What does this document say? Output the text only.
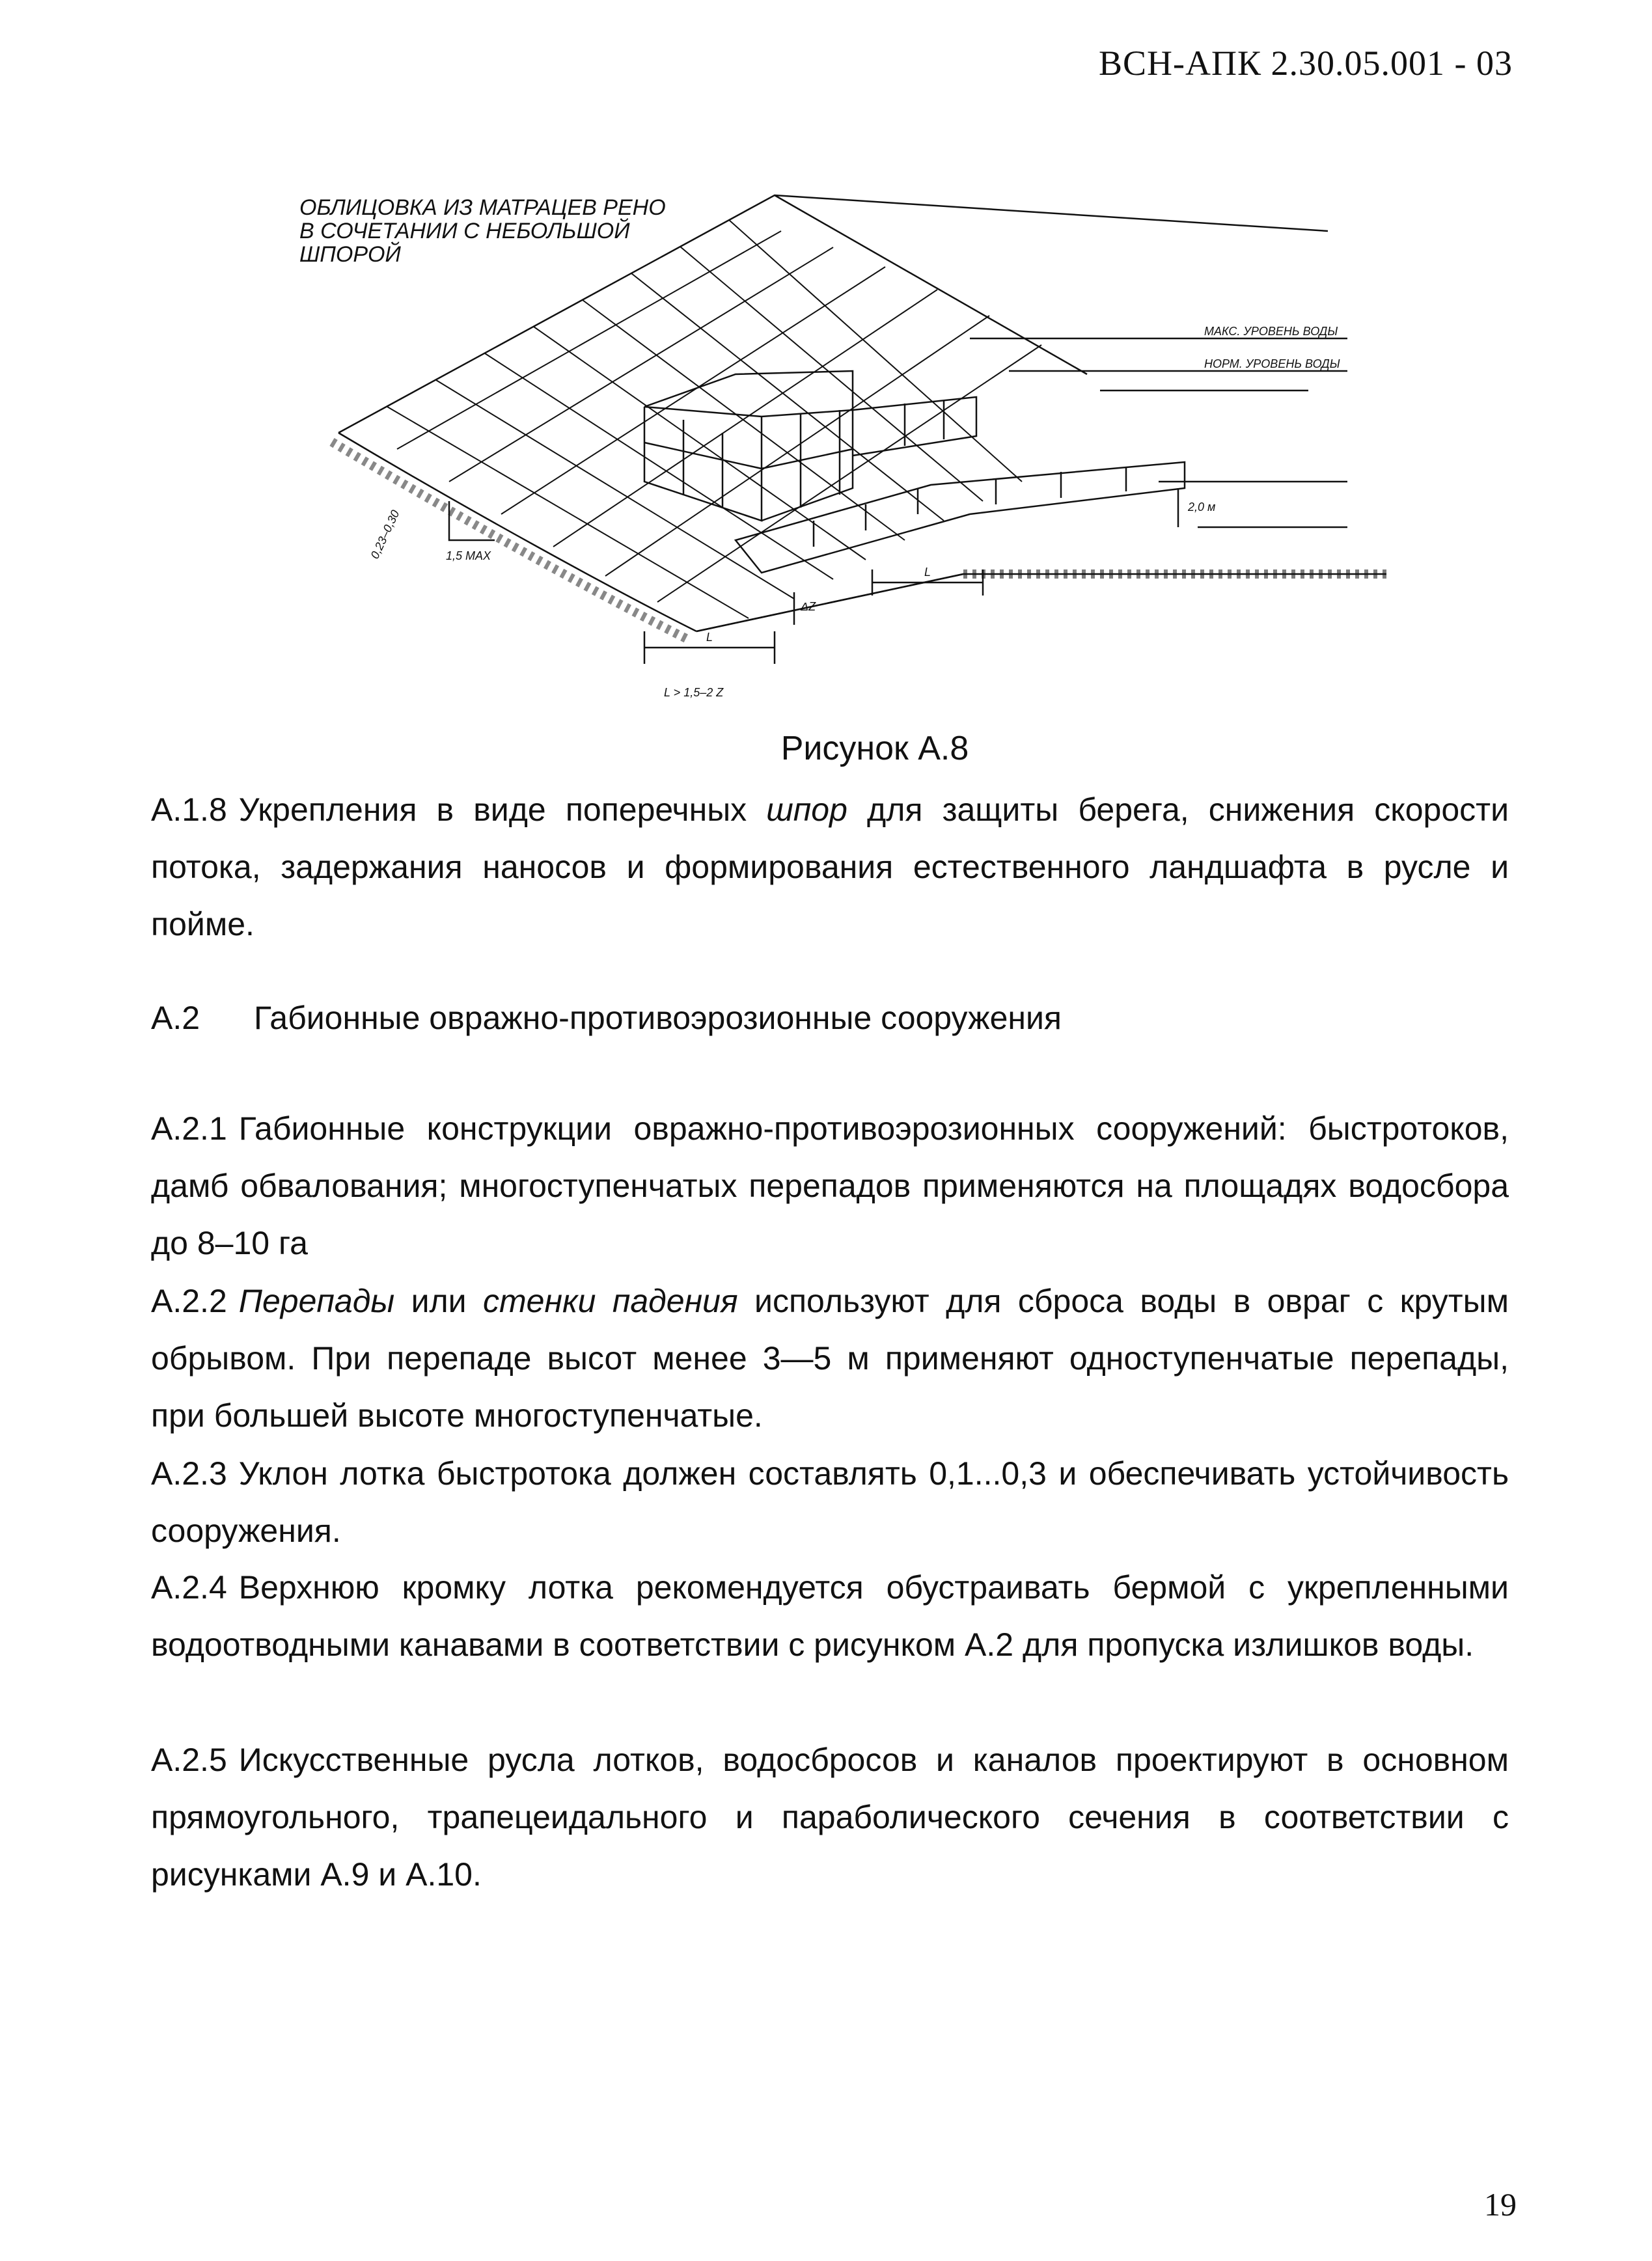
ВСН-АПК 2.30.05.001 - 03
ОБЛИЦОВКА ИЗ МАТРАЦЕВ РЕНО
В СОЧЕТАНИИ С НЕБОЛЬШОЙ
ШПОРОЙ
МАКС. УРОВЕНЬ ВОДЫ
НОРМ. УРОВЕНЬ ВОДЫ
0,23–0,30	1,5 MAX
L > 1,5–2 Z
L
L
ΔZ
2,0 м
Рисунок А.8
А.1.8 Укрепления в виде поперечных шпор для защиты берега, снижения скорости потока, задержания наносов и формирования естественного ландшафта в русле и пойме.
А.2 Габионные овражно-противоэрозионные сооружения
А.2.1 Габионные конструкции овражно-противоэрозионных сооружений: быстротоков, дамб обвалования; многоступенчатых перепадов применяются на площадях водосбора до 8–10 га
А.2.2 Перепады или стенки падения используют для сброса воды в овраг с крутым обрывом. При перепаде высот менее 3—5 м применяют одноступенчатые перепады, при большей высоте многоступенчатые.
А.2.3 Уклон лотка быстротока должен составлять 0,1...0,3 и обеспечивать устойчивость сооружения.
А.2.4 Верхнюю кромку лотка рекомендуется обустраивать бермой с укрепленными водоотводными канавами в соответствии с рисунком А.2 для пропуска излишков воды.
А.2.5 Искусственные русла лотков, водосбросов и каналов проектируют в основном прямоугольного, трапецеидального и параболического сечения в соответствии с рисунками А.9 и А.10.
19
